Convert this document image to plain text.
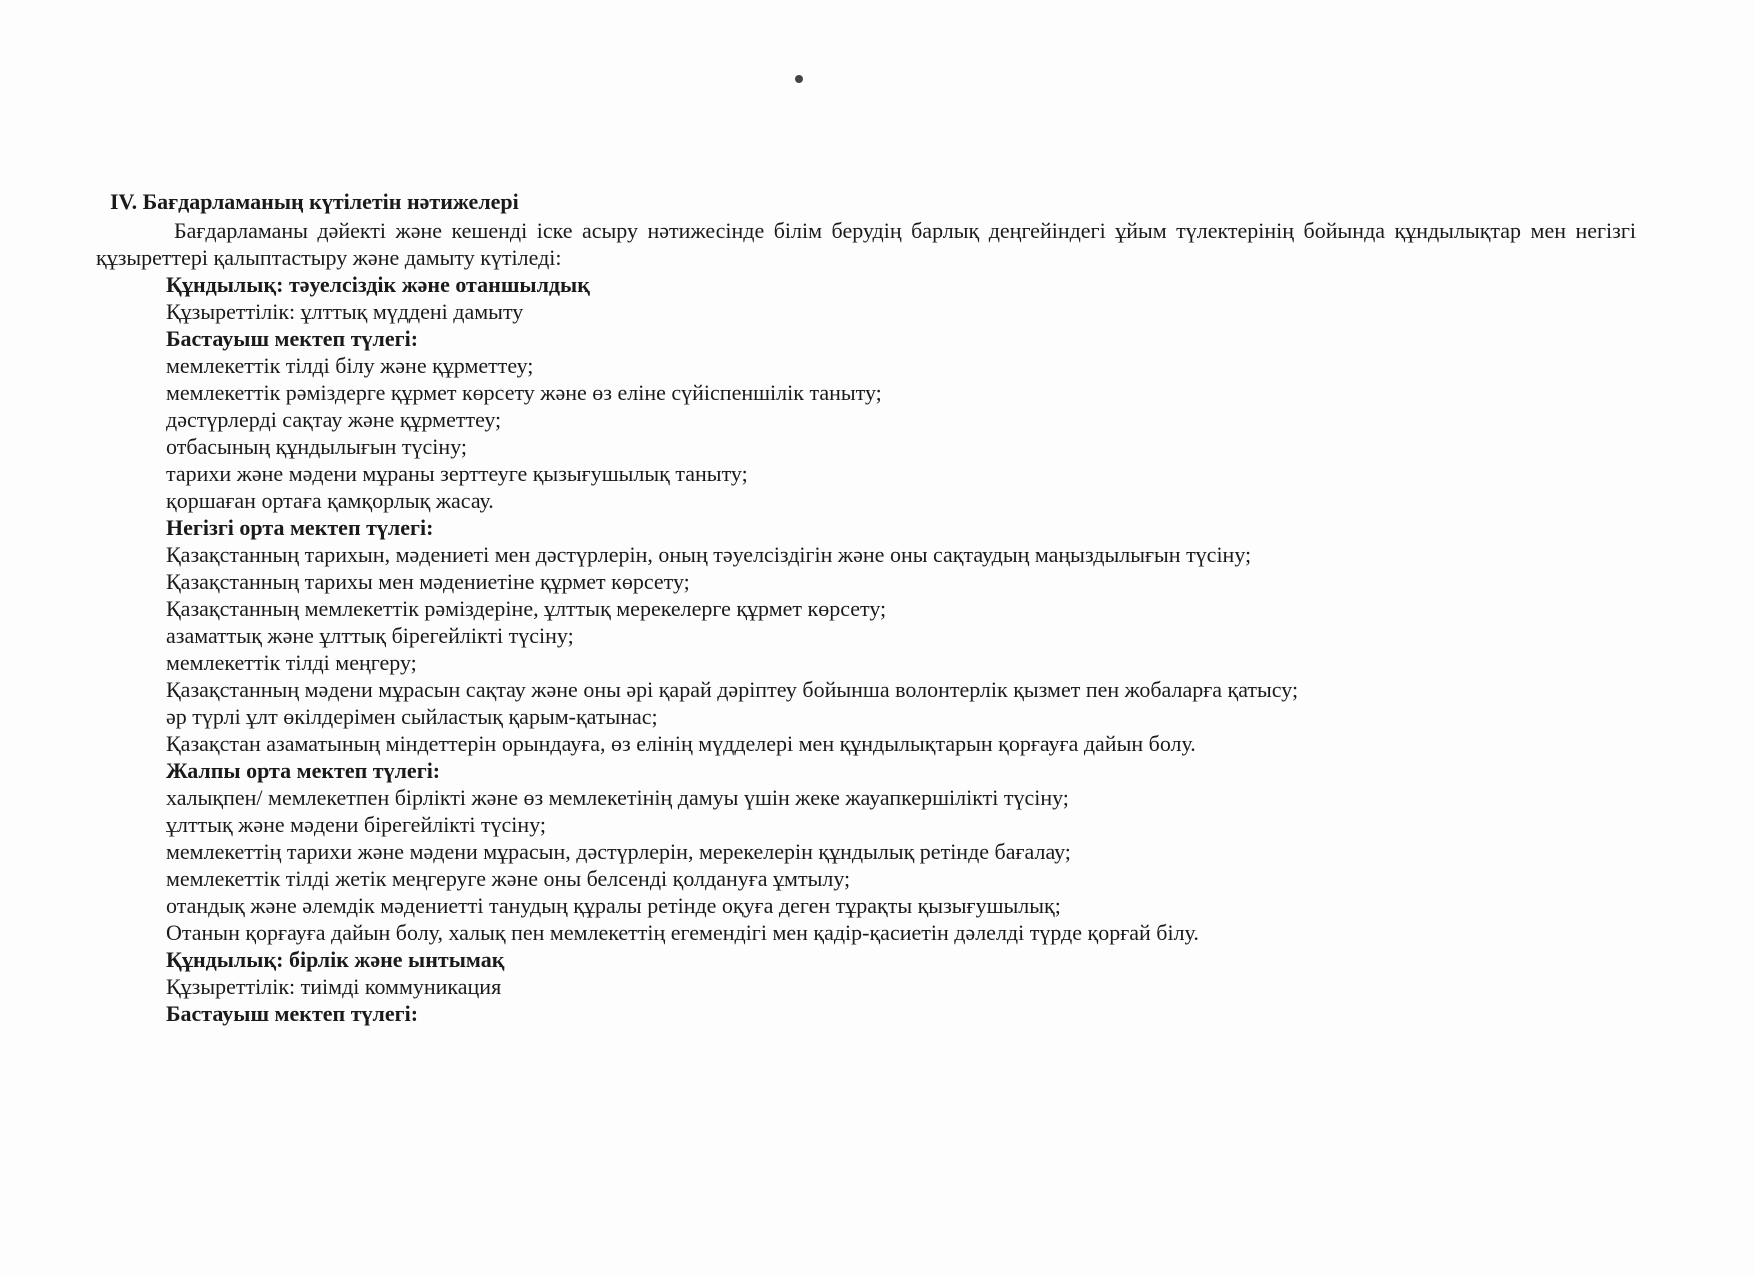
IV. Бағдарламаның күтілетін нәтижелері
Бағдарламаны дәйекті және кешенді іске асыру нәтижесінде білім берудің барлық деңгейіндегі ұйым түлектерінің бойында құндылықтар мен негізгі құзыреттері қалыптастыру және дамыту күтіледі:
Құндылық: тәуелсіздік және отаншылдық
Құзыреттілік: ұлттық мүддені дамыту
Бастауыш мектеп түлегі:
мемлекеттік тілді білу және құрметтеу;
мемлекеттік рәміздерге құрмет көрсету және өз еліне сүйіспеншілік таныту;
дәстүрлерді сақтау және құрметтеу;
отбасының құндылығын түсіну;
тарихи және мәдени мұраны зерттеуге қызығушылық таныту;
қоршаған ортаға қамқорлық жасау.
Негізгі орта мектеп түлегі:
Қазақстанның тарихын, мәдениеті мен дәстүрлерін, оның тәуелсіздігін және оны сақтаудың маңыздылығын түсіну;
Қазақстанның тарихы мен мәдениетіне құрмет көрсету;
Қазақстанның мемлекеттік рәміздеріне, ұлттық мерекелерге құрмет көрсету;
азаматтық және ұлттық бірегейлікті түсіну;
мемлекеттік тілді меңгеру;
Қазақстанның мәдени мұрасын сақтау және оны әрі қарай дәріптеу бойынша волонтерлік қызмет пен жобаларға қатысу;
әр түрлі ұлт өкілдерімен сыйластық қарым-қатынас;
Қазақстан азаматының міндеттерін орындауға, өз елінің мүдделері мен құндылықтарын қорғауға дайын болу.
Жалпы орта мектеп түлегі:
халықпен/ мемлекетпен бірлікті және өз мемлекетінің дамуы үшін жеке жауапкершілікті түсіну;
ұлттық және мәдени бірегейлікті түсіну;
мемлекеттің тарихи және мәдени мұрасын, дәстүрлерін, мерекелерін құндылық ретінде бағалау;
мемлекеттік тілді жетік меңгеруге және оны белсенді қолдануға ұмтылу;
отандық және әлемдік мәдениетті танудың құралы ретінде оқуға деген тұрақты қызығушылық;
Отанын қорғауға дайын болу, халық пен мемлекеттің егемендігі мен қадір-қасиетін дәлелді түрде қорғай білу.
Құндылық: бірлік және ынтымақ
Құзыреттілік: тиімді коммуникация
Бастауыш мектеп түлегі:
